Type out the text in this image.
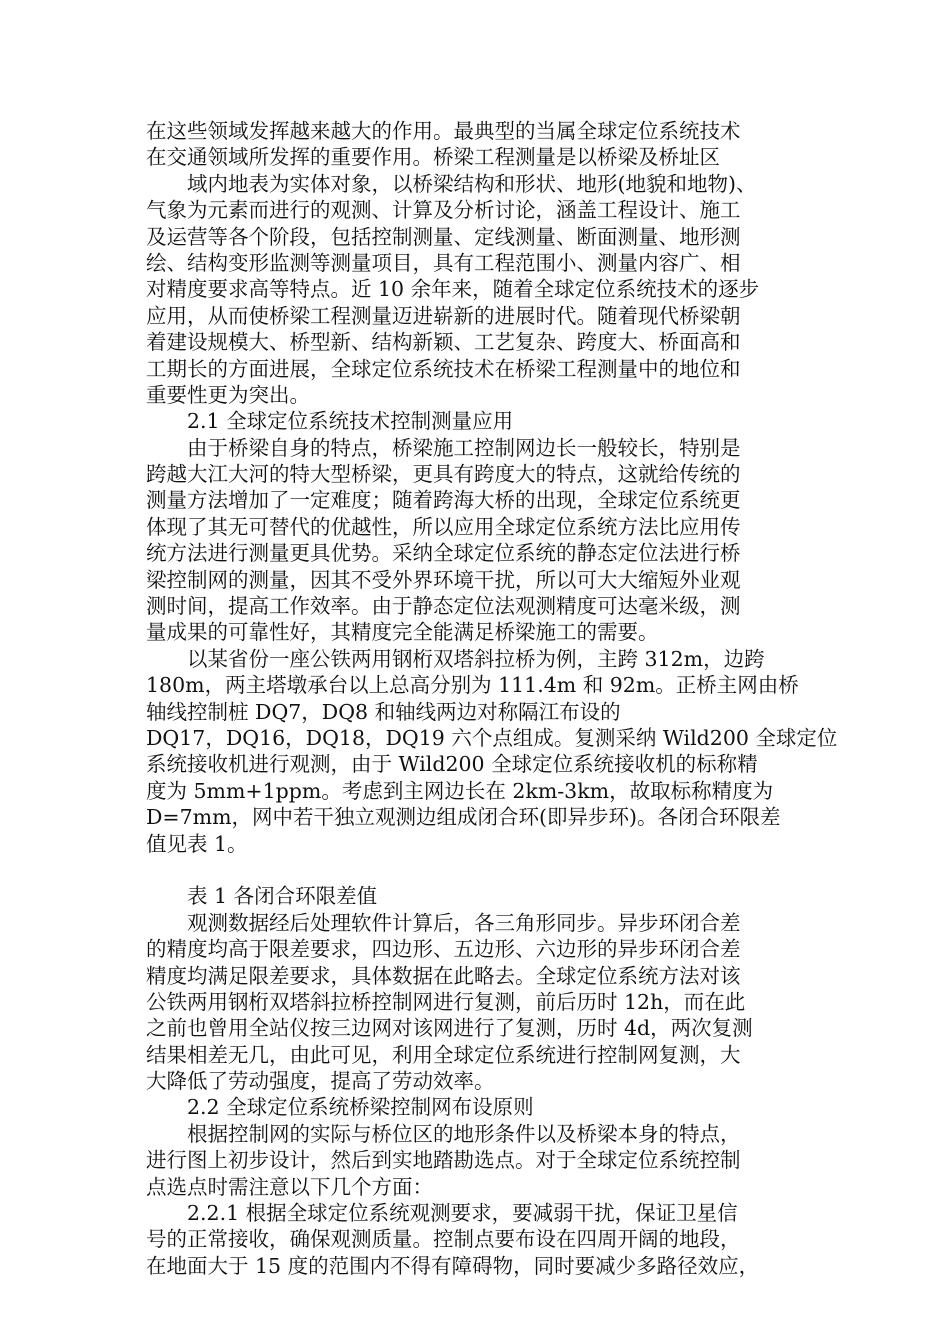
在这些领域发挥越来越大的作用。最典型的当属全球定位系统技术
在交通领域所发挥的重要作用。桥梁工程测量是以桥梁及桥址区
域内地表为实体对象，以桥梁结构和形状、地形(地貌和地物)、
气象为元素而进行的观测、计算及分析讨论，涵盖工程设计、施工
及运营等各个阶段，包括控制测量、定线测量、断面测量、地形测
绘、结构变形监测等测量项目，具有工程范围小、测量内容广、相
对精度要求高等特点。近 10 余年来，随着全球定位系统技术的逐步
应用，从而使桥梁工程测量迈进崭新的进展时代。随着现代桥梁朝
着建设规模大、桥型新、结构新颖、工艺复杂、跨度大、桥面高和
工期长的方面进展，全球定位系统技术在桥梁工程测量中的地位和
重要性更为突出。
2.1 全球定位系统技术控制测量应用
由于桥梁自身的特点，桥梁施工控制网边长一般较长，特别是
跨越大江大河的特大型桥梁，更具有跨度大的特点，这就给传统的
测量方法增加了一定难度；随着跨海大桥的出现，全球定位系统更
体现了其无可替代的优越性，所以应用全球定位系统方法比应用传
统方法进行测量更具优势。采纳全球定位系统的静态定位法进行桥
梁控制网的测量，因其不受外界环境干扰，所以可大大缩短外业观
测时间，提高工作效率。由于静态定位法观测精度可达毫米级，测
量成果的可靠性好，其精度完全能满足桥梁施工的需要。
以某省份一座公铁两用钢桁双塔斜拉桥为例，主跨 312m，边跨
180m，两主塔墩承台以上总高分别为 111.4m 和 92m。正桥主网由桥
轴线控制桩 DQ7，DQ8 和轴线两边对称隔江布设的
DQ17，DQ16，DQ18，DQ19 六个点组成。复测采纳 Wild200 全球定位
系统接收机进行观测，由于 Wild200 全球定位系统接收机的标称精
度为 5mm+1ppm。考虑到主网边长在 2km-3km，故取标称精度为
D=7mm，网中若干独立观测边组成闭合环(即异步环)。各闭合环限差
值见表 1。
表 1 各闭合环限差值
观测数据经后处理软件计算后，各三角形同步。异步环闭合差
的精度均高于限差要求，四边形、五边形、六边形的异步环闭合差
精度均满足限差要求，具体数据在此略去。全球定位系统方法对该
公铁两用钢桁双塔斜拉桥控制网进行复测，前后历时 12h，而在此
之前也曾用全站仪按三边网对该网进行了复测，历时 4d，两次复测
结果相差无几，由此可见，利用全球定位系统进行控制网复测，大
大降低了劳动强度，提高了劳动效率。
2.2 全球定位系统桥梁控制网布设原则
根据控制网的实际与桥位区的地形条件以及桥梁本身的特点，
进行图上初步设计，然后到实地踏勘选点。对于全球定位系统控制
点选点时需注意以下几个方面：
2.2.1 根据全球定位系统观测要求，要减弱干扰，保证卫星信
号的正常接收，确保观测质量。控制点要布设在四周开阔的地段，
在地面大于 15 度的范围内不得有障碍物，同时要减少多路径效应，
